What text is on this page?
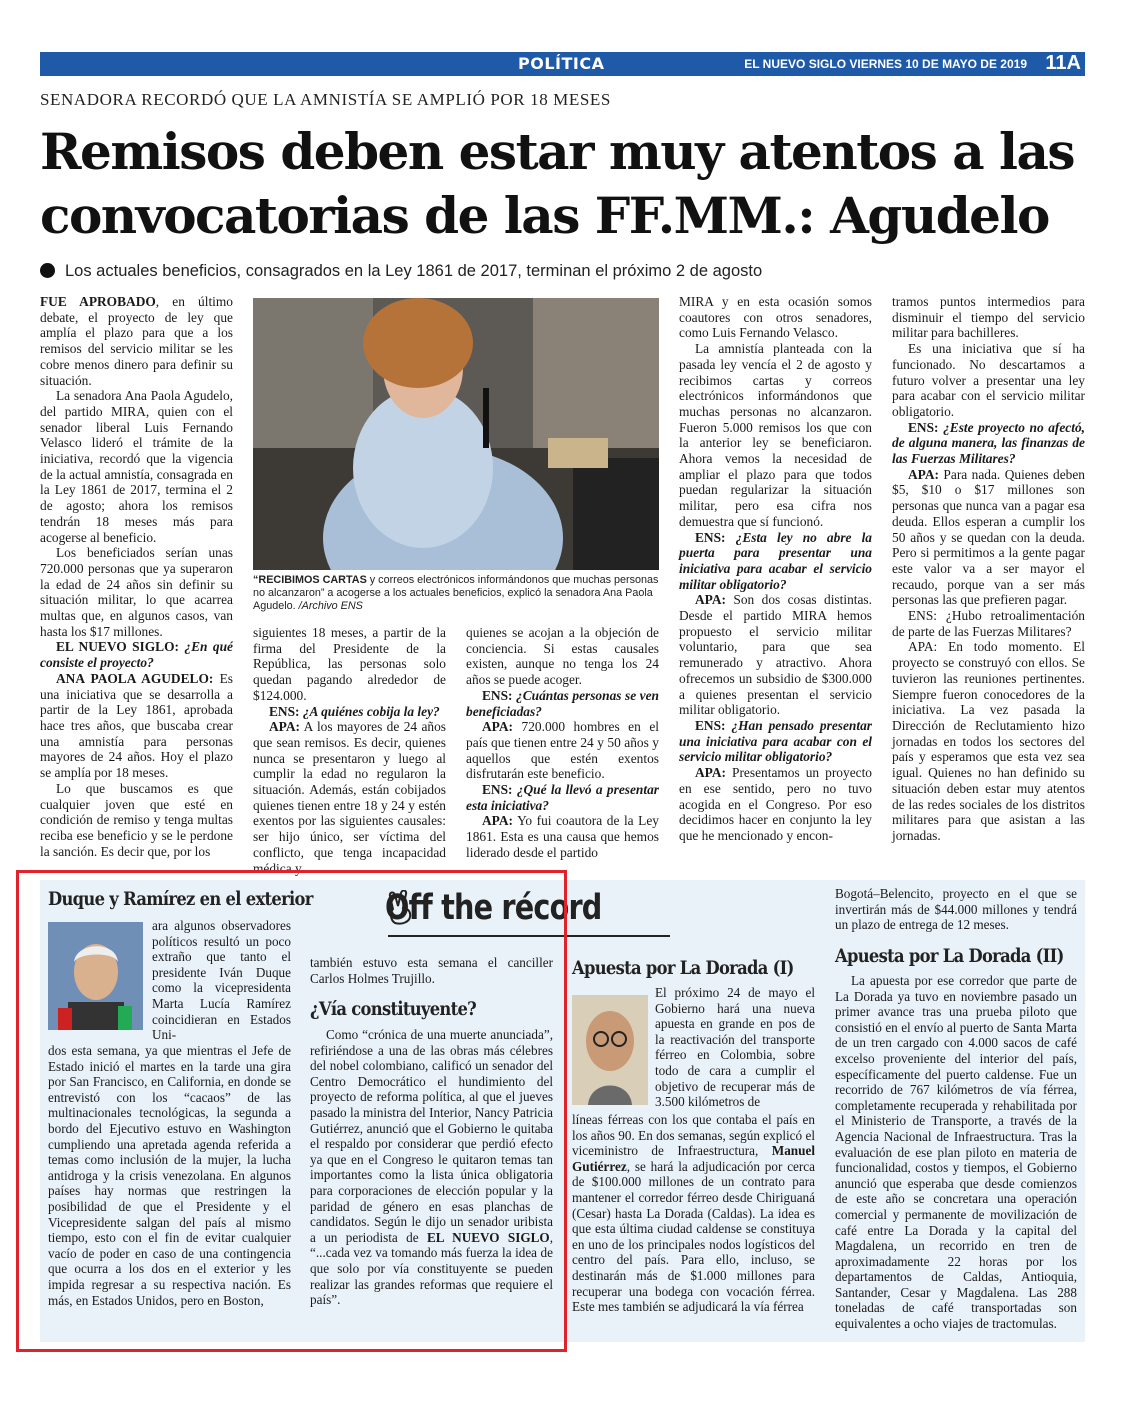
POLÍTICA	EL NUEVO SIGLO VIERNES 10 DE MAYO DE 2019 11A
SENADORA RECORDÓ QUE LA AMNISTÍA SE AMPLIÓ POR 18 MESES
Remisos deben estar muy atentos a las
convocatorias de las FF.MM.: Agudelo
Los actuales beneficios, consagrados en la Ley 1861 de 2017, terminan el próximo 2 de agosto

FUE APROBADO, en último debate, el proyecto de ley que amplía el plazo para que a los remisos del servicio militar se les cobre menos dinero para definir su situación.

La senadora Ana Paola Agudelo, del partido MIRA, quien con el senador liberal Luis Fernando Velasco lideró el trámite de la iniciativa, recordó que la vigencia de la actual amnistía, consagrada en la Ley 1861 de 2017, termina el 2 de agosto; ahora los remisos tendrán 18 meses más para acogerse al beneficio.

Los beneficiados serían unas 720.000 personas que ya superaron la edad de 24 años sin definir su situación militar, lo que acarrea multas que, en algunos casos, van hasta los $17 millones.

EL NUEVO SIGLO: ¿En qué consiste el proyecto?

ANA PAOLA AGUDELO: Es una iniciativa que se desarrolla a partir de la Ley 1861, aprobada hace tres años, que buscaba crear una amnistía para personas mayores de 24 años. Hoy el plazo se amplía por 18 meses.

Lo que buscamos es que cualquier joven que esté en condición de remiso y tenga multas reciba ese beneficio y se le perdone la sanción. Es decir que, por los

“RECIBIMOS CARTAS y correos electrónicos informándonos que muchas personas no alcanzaron” a acogerse a los actuales beneficios, explicó la senadora Ana Paola Agudelo. /Archivo ENS

siguientes 18 meses, a partir de la firma del Presidente de la República, las personas solo quedan pagando alrededor de $124.000.

ENS: ¿A quiénes cobija la ley?

APA: A los mayores de 24 años que sean remisos. Es decir, quienes nunca se presentaron y luego al cumplir la edad no regularon la situación. Además, están cobijados quienes tienen entre 18 y 24 y estén exentos por las siguientes causales: ser hijo único, ser víctima del conflicto, que tenga incapacidad médica y

quienes se acojan a la objeción de conciencia. Si estas causales existen, aunque no tenga los 24 años se puede acoger.

ENS: ¿Cuántas personas se ven beneficiadas?

APA: 720.000 hombres en el país que tienen entre 24 y 50 años y aquellos que estén exentos disfrutarán este beneficio.

ENS: ¿Qué la llevó a presentar esta iniciativa?

APA: Yo fui coautora de la Ley 1861. Esta es una causa que hemos liderado desde el partido

MIRA y en esta ocasión somos coautores con otros senadores, como Luis Fernando Velasco.

La amnistía planteada con la pasada ley vencía el 2 de agosto y recibimos cartas y correos electrónicos informándonos que muchas personas no alcanzaron. Fueron 5.000 remisos los que con la anterior ley se beneficiaron. Ahora vemos la necesidad de ampliar el plazo para que todos puedan regularizar la situación militar, pero esa cifra nos demuestra que sí funcionó.

ENS: ¿Esta ley no abre la puerta para presentar una iniciativa para acabar el servicio militar obligatorio?

APA: Son dos cosas distintas. Desde el partido MIRA hemos propuesto el servicio militar voluntario, para que sea remunerado y atractivo. Ahora ofrecemos un subsidio de $300.000 a quienes presentan el servicio militar obligatorio.

ENS: ¿Han pensado presentar una iniciativa para acabar con el servicio militar obligatorio?

APA: Presentamos un proyecto en ese sentido, pero no tuvo acogida en el Congreso. Por eso decidimos hacer en conjunto la ley que he mencionado y encon-

tramos puntos intermedios para disminuir el tiempo del servicio militar para bachilleres.

Es una iniciativa que sí ha funcionado. No descartamos a futuro volver a presentar una ley para acabar con el servicio militar obligatorio.

ENS: ¿Este proyecto no afectó, de alguna manera, las finanzas de las Fuerzas Militares?

APA: Para nada. Quienes deben $5, $10 o $17 millones son personas que nunca van a pagar esa deuda. Ellos esperan a cumplir los 50 años y se quedan con la deuda. Pero si permitimos a la gente pagar este valor va a ser mayor el recaudo, porque van a ser más personas las que prefieren pagar.

ENS: ¿Hubo retroalimentación de parte de las Fuerzas Militares?

APA: En todo momento. El proyecto se construyó con ellos. Se tuvieron las reuniones pertinentes. Siempre fueron conocedores de la iniciativa. La vez pasada la Dirección de Reclutamiento hizo jornadas en todos los sectores del país y esperamos que esta vez sea igual. Quienes no han definido su situación deben estar muy atentos de las redes sociales de los distritos militares para que asistan a las jornadas.

Off the récord
Duque y Ramírez en el exterior
ara algunos observadores políticos resultó un poco extraño que tanto el presidente Iván Duque como la vicepresidenta Marta Lucía Ramírez coincidieran en Estados Uni-
dos esta semana, ya que mientras el Jefe de Estado inició el martes en la tarde una gira por San Francisco, en California, en donde se entrevistó con los “cacaos” de las multinacionales tecnológicas, la segunda a bordo del Ejecutivo estuvo en Washington cumpliendo una apretada agenda referida a temas como inclusión de la mujer, la lucha antidroga y la crisis venezolana. En algunos países hay normas que restringen la posibilidad de que el Presidente y el Vicepresidente salgan del país al mismo tiempo, esto con el fin de evitar cualquier vacío de poder en caso de una contingencia que ocurra a los dos en el exterior y les impida regresar a su respectiva nación. Es más, en Estados Unidos, pero en Boston,
también estuvo esta semana el canciller Carlos Holmes Trujillo.
¿Vía constituyente?

Como “crónica de una muerte anunciada”, refiriéndose a una de las obras más célebres del nobel colombiano, calificó un senador del Centro Democrático el hundimiento del proyecto de reforma política, al que el jueves pasado la ministra del Interior, Nancy Patricia Gutiérrez, anunció que el Gobierno le quitaba el respaldo por considerar que perdió efecto ya que en el Congreso le quitaron temas tan importantes como la lista única obligatoria para corporaciones de elección popular y la paridad de género en esas planchas de candidatos. Según le dijo un senador uribista a un periodista de EL NUEVO SIGLO, “...cada vez va tomando más fuerza la idea de que solo por vía constituyente se pueden realizar las grandes reformas que requiere el país”.

Apuesta por La Dorada (I)
El próximo 24 de mayo el Gobierno hará una nueva apuesta en grande en pos de la reactivación del transporte férreo en Colombia, sobre todo de cara a cumplir el objetivo de recuperar más de 3.500 kilómetros de

líneas férreas con los que contaba el país en los años 90. En dos semanas, según explicó el viceministro de Infraestructura, Manuel Gutiérrez, se hará la adjudicación por cerca de $100.000 millones de un contrato para mantener el corredor férreo desde Chiriguaná (Cesar) hasta La Dorada (Caldas). La idea es que esta última ciudad caldense se constituya en uno de los principales nodos logísticos del centro del país. Para ello, incluso, se destinarán más de $1.000 millones para recuperar una bodega con vocación férrea. Este mes también se adjudicará la vía férrea

Bogotá–Belencito, proyecto en el que se invertirán más de $44.000 millones y tendrá un plazo de entrega de 12 meses.
Apuesta por La Dorada (II)

La apuesta por ese corredor que parte de La Dorada ya tuvo en noviembre pasado un primer avance tras una prueba piloto que consistió en el envío al puerto de Santa Marta de un tren cargado con 4.000 sacos de café excelso proveniente del interior del país, específicamente del puerto caldense. Fue un recorrido de 767 kilómetros de vía férrea, completamente recuperada y rehabilitada por el Ministerio de Transporte, a través de la Agencia Nacional de Infraestructura. Tras la evaluación de ese plan piloto en materia de funcionalidad, costos y tiempos, el Gobierno anunció que esperaba que desde comienzos de este año se concretara una operación comercial y permanente de movilización de café entre La Dorada y la capital del Magdalena, un recorrido en tren de aproximadamente 22 horas por los departamentos de Caldas, Antioquia, Santander, Cesar y Magdalena. Las 288 toneladas de café transportadas son equivalentes a ocho viajes de tractomulas.
